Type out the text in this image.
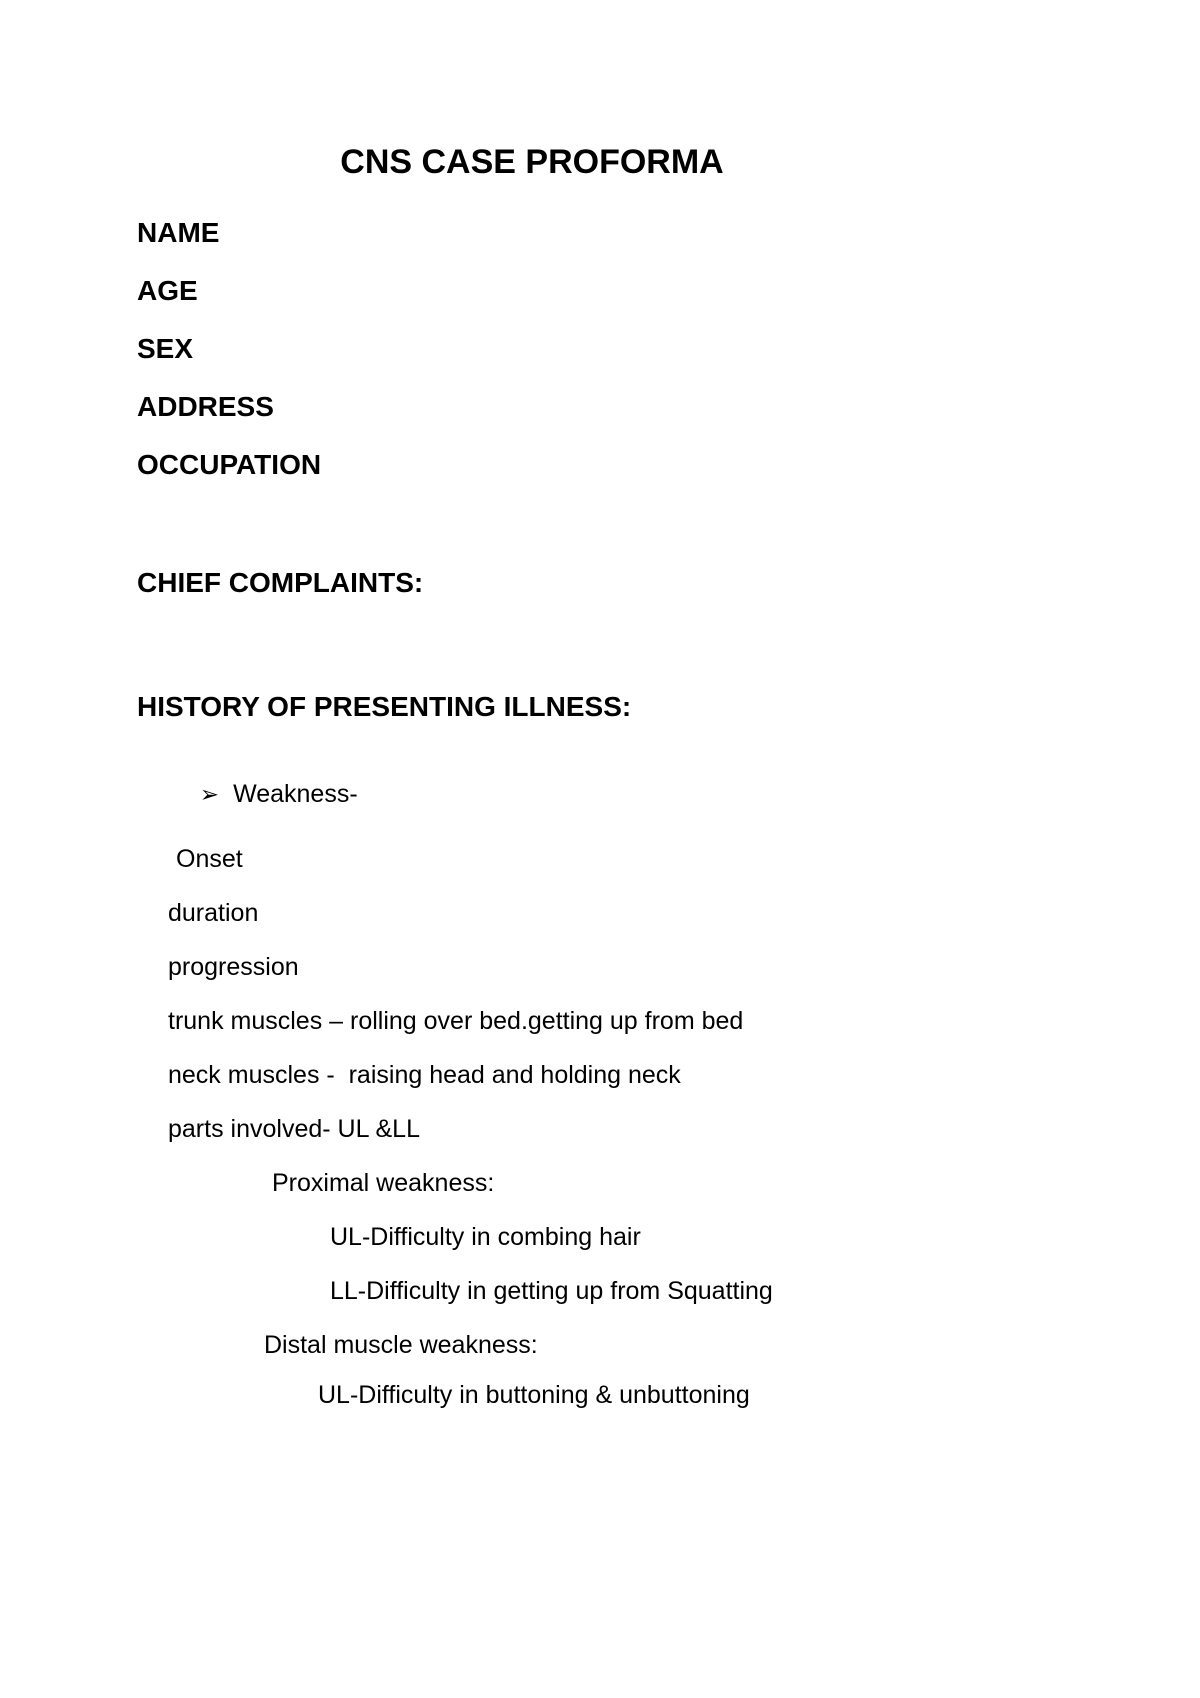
CNS CASE PROFORMA
NAME
AGE
SEX
ADDRESS
OCCUPATION
CHIEF COMPLAINTS:
HISTORY OF PRESENTING ILLNESS:

➢ Weakness-

Onset
duration
progression
trunk muscles – rolling over bed.getting up from bed
neck muscles -  raising head and holding neck
parts involved- UL &LL
Proximal weakness:
UL-Difficulty in combing hair
LL-Difficulty in getting up from Squatting
Distal muscle weakness:
UL-Difficulty in buttoning & unbuttoning
